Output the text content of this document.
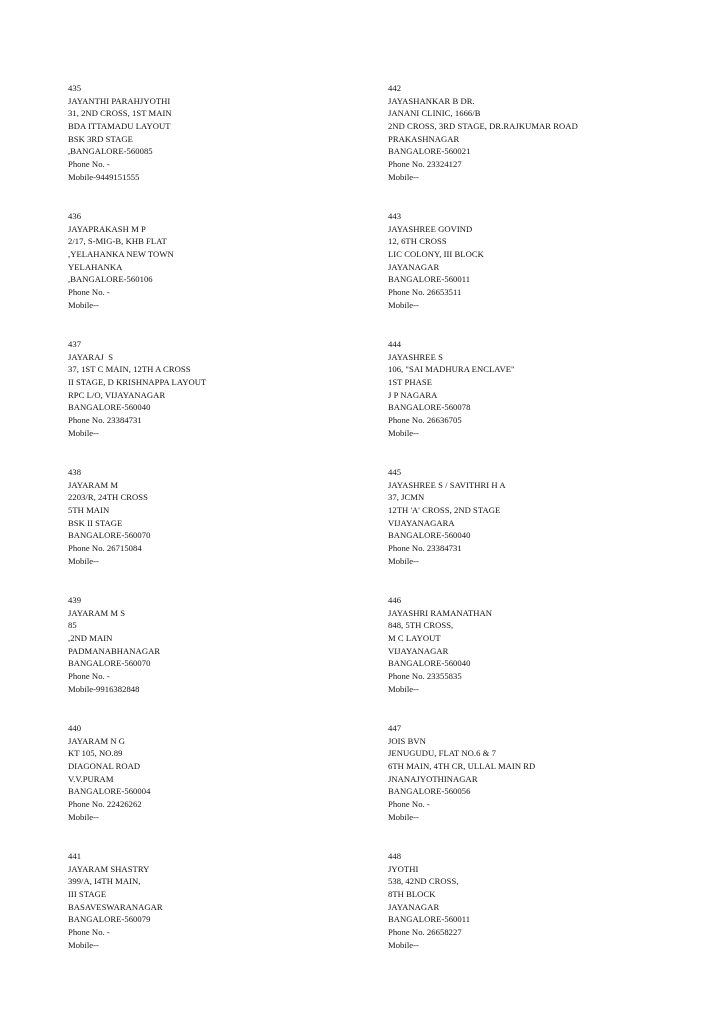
435
JAYANTHI PARAHJYOTHI
31, 2ND CROSS, 1ST MAIN
BDA ITTAMADU LAYOUT
BSK 3RD STAGE
,BANGALORE-560085
Phone No. -
Mobile-9449151555
436
JAYAPRAKASH M P
2/17, S-MIG-B, KHB FLAT
,YELAHANKA NEW TOWN
YELAHANKA
,BANGALORE-560106
Phone No. -
Mobile--
437
JAYARAJ  S
37, 1ST C MAIN, 12TH A CROSS
II STAGE, D KRISHNAPPA LAYOUT
RPC L/O, VIJAYANAGAR
BANGALORE-560040
Phone No. 23384731
Mobile--
438
JAYARAM M
2203/R, 24TH CROSS
5TH MAIN
BSK II STAGE
BANGALORE-560070
Phone No. 26715084
Mobile--
439
JAYARAM M S
85
,2ND MAIN
PADMANABHANAGAR
BANGALORE-560070
Phone No. -
Mobile-9916382848
440
JAYARAM N G
KT 105, NO.89
DIAGONAL ROAD
V.V.PURAM
BANGALORE-560004
Phone No. 22426262
Mobile--
441
JAYARAM SHASTRY
399/A, I4TH MAIN,
III STAGE
BASAVESWARANAGAR
BANGALORE-560079
Phone No. -
Mobile--
442
JAYASHANKAR B DR.
JANANI CLINIC, 1666/B
2ND CROSS, 3RD STAGE, DR.RAJKUMAR ROAD
PRAKASHNAGAR
BANGALORE-560021
Phone No. 23324127
Mobile--
443
JAYASHREE GOVIND
12, 6TH CROSS
LIC COLONY, III BLOCK
JAYANAGAR
BANGALORE-560011
Phone No. 26653511
Mobile--
444
JAYASHREE S
106, "SAI MADHURA ENCLAVE"
1ST PHASE
J P NAGARA
BANGALORE-560078
Phone No. 26636705
Mobile--
445
JAYASHREE S / SAVITHRI H A
37, JCMN
12TH 'A' CROSS, 2ND STAGE
VIJAYANAGARA
BANGALORE-560040
Phone No. 23384731
Mobile--
446
JAYASHRI RAMANATHAN
848, 5TH CROSS,
M C LAYOUT
VIJAYANAGAR
BANGALORE-560040
Phone No. 23355835
Mobile--
447
JOIS BVN
JENUGUDU, FLAT NO.6 & 7
6TH MAIN, 4TH CR, ULLAL MAIN RD
JNANAJYOTHINAGAR
BANGALORE-560056
Phone No. -
Mobile--
448
JYOTHI
538, 42ND CROSS,
8TH BLOCK
JAYANAGAR
BANGALORE-560011
Phone No. 26658227
Mobile--
